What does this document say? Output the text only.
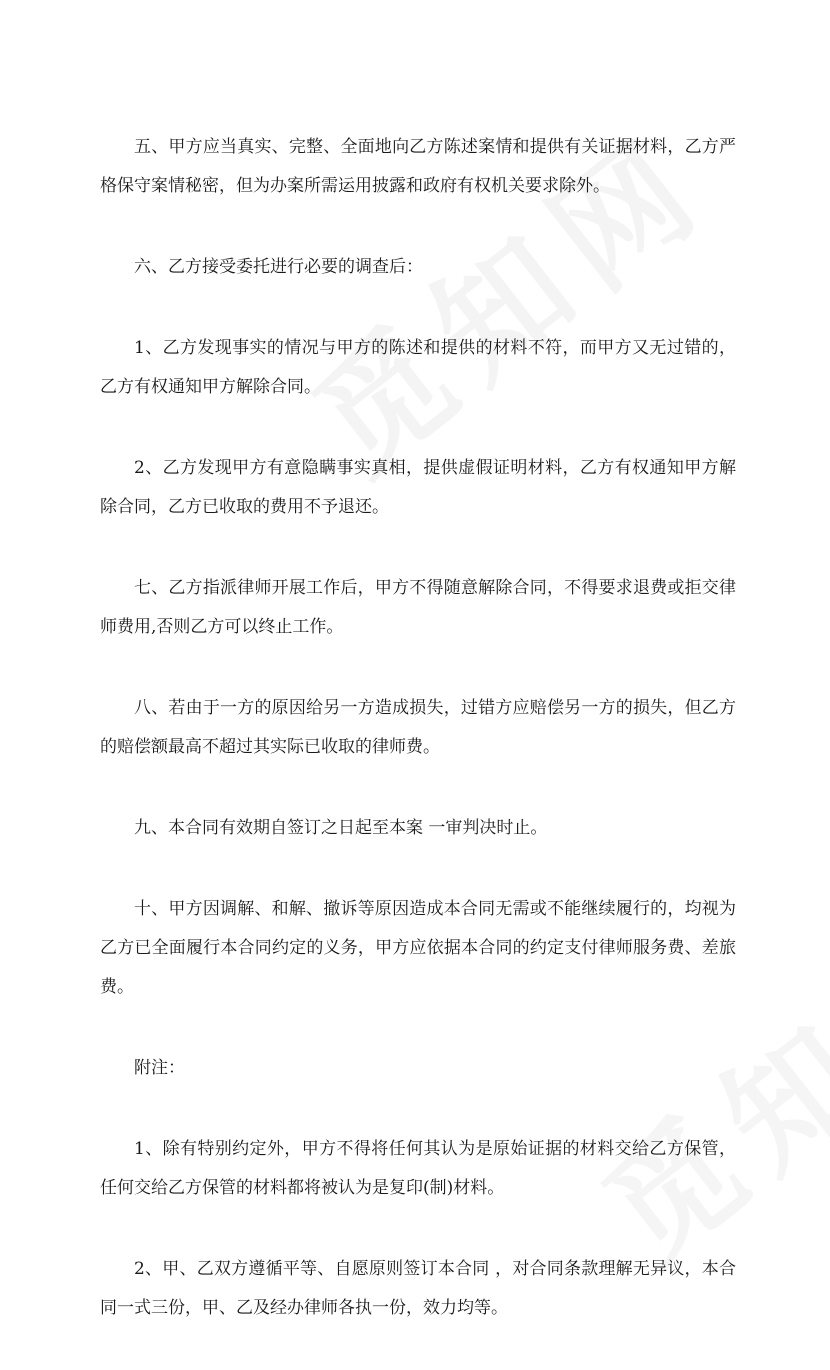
五、甲方应当真实、完整、全面地向乙方陈述案情和提供有关证据材料，乙方严格保守案情秘密，但为办案所需运用披露和政府有权机关要求除外。

六、乙方接受委托进行必要的调查后：

1、乙方发现事实的情况与甲方的陈述和提供的材料不符，而甲方又无过错的，乙方有权通知甲方解除合同。

2、乙方发现甲方有意隐瞒事实真相，提供虚假证明材料，乙方有权通知甲方解除合同，乙方已收取的费用不予退还。

七、乙方指派律师开展工作后，甲方不得随意解除合同，不得要求退费或拒交律师费用,否则乙方可以终止工作。

八、若由于一方的原因给另一方造成损失，过错方应赔偿另一方的损失，但乙方的赔偿额最高不超过其实际已收取的律师费。

九、本合同有效期自签订之日起至本案 一审判决时止。

十、甲方因调解、和解、撤诉等原因造成本合同无需或不能继续履行的，均视为乙方已全面履行本合同约定的义务，甲方应依据本合同的约定支付律师服务费、差旅费。

附注：

1、除有特别约定外，甲方不得将任何其认为是原始证据的材料交给乙方保管，任何交给乙方保管的材料都将被认为是复印(制)材料。

2、甲、乙双方遵循平等、自愿原则签订本合同 ，对合同条款理解无异议，本合同一式三份，甲、乙及经办律师各执一份，效力均等。
